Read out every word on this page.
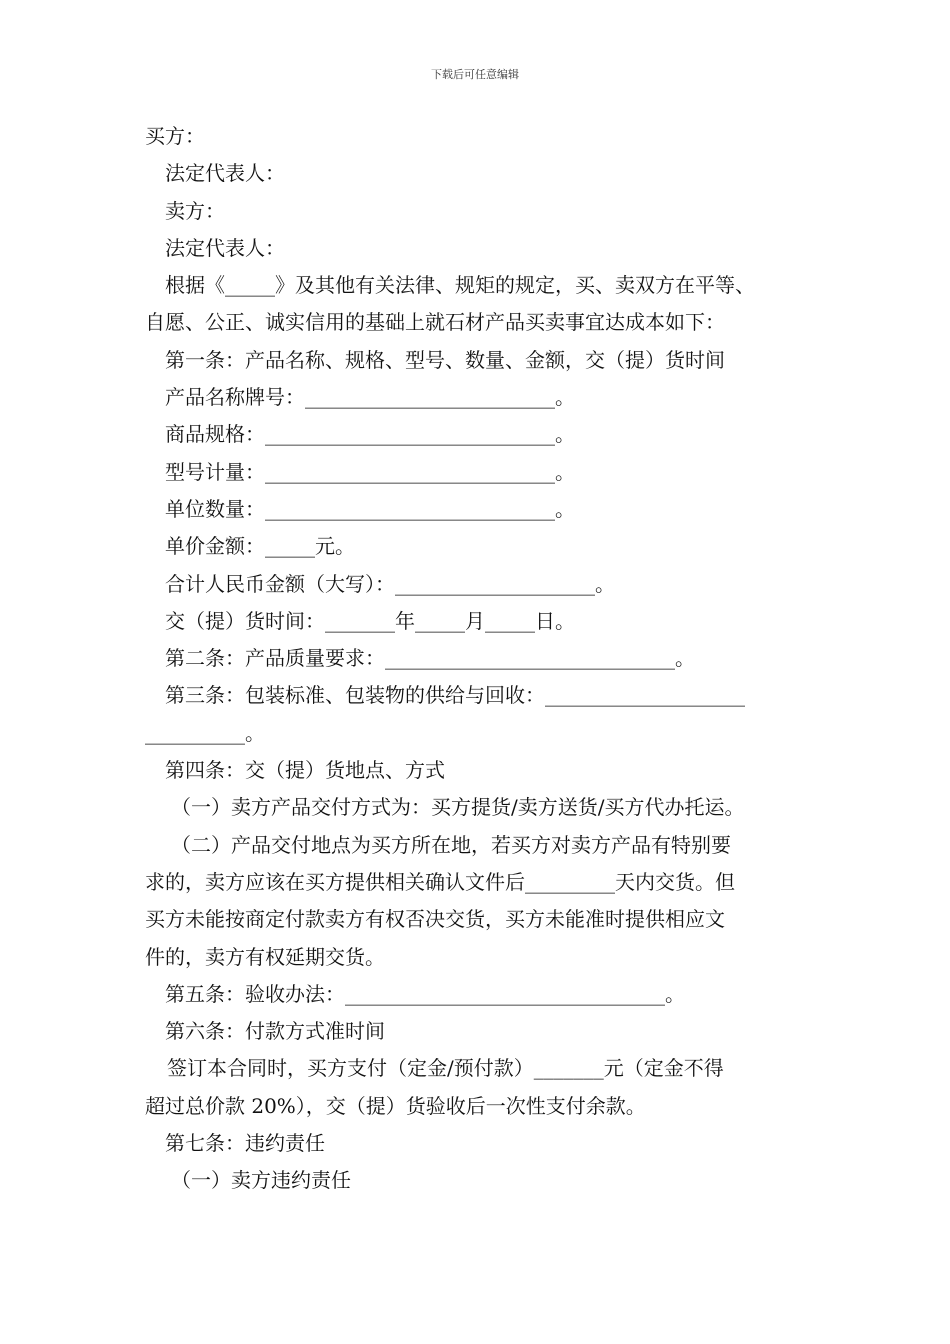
下载后可任意编辑
买方：
法定代表人：
卖方：
法定代表人：
根据《_____》及其他有关法律、规矩的规定，买、卖双方在平等、
自愿、公正、诚实信用的基础上就石材产品买卖事宜达成本如下：
第一条：产品名称、规格、型号、数量、金额，交（提）货时间
产品名称牌号：_________________________。
商品规格：_____________________________。
型号计量：_____________________________。
单位数量：_____________________________。
单价金额：_____元。
合计人民币金额（大写）：____________________。
交（提）货时间：_______年_____月_____日。
第二条：产品质量要求：_____________________________。
第三条：包装标准、包装物的供给与回收：____________________
__________。
第四条：交（提）货地点、方式
（一）卖方产品交付方式为：买方提货/卖方送货/买方代办托运。
（二）产品交付地点为买方所在地，若买方对卖方产品有特别要
求的，卖方应该在买方提供相关确认文件后_________天内交货。但
买方未能按商定付款卖方有权否决交货，买方未能准时提供相应文
件的，卖方有权延期交货。
第五条：验收办法：________________________________。
第六条：付款方式准时间
签订本合同时，买方支付（定金/预付款）_______元（定金不得
超过总价款 20%），交（提）货验收后一次性支付余款。
第七条：违约责任
（一）卖方违约责任
